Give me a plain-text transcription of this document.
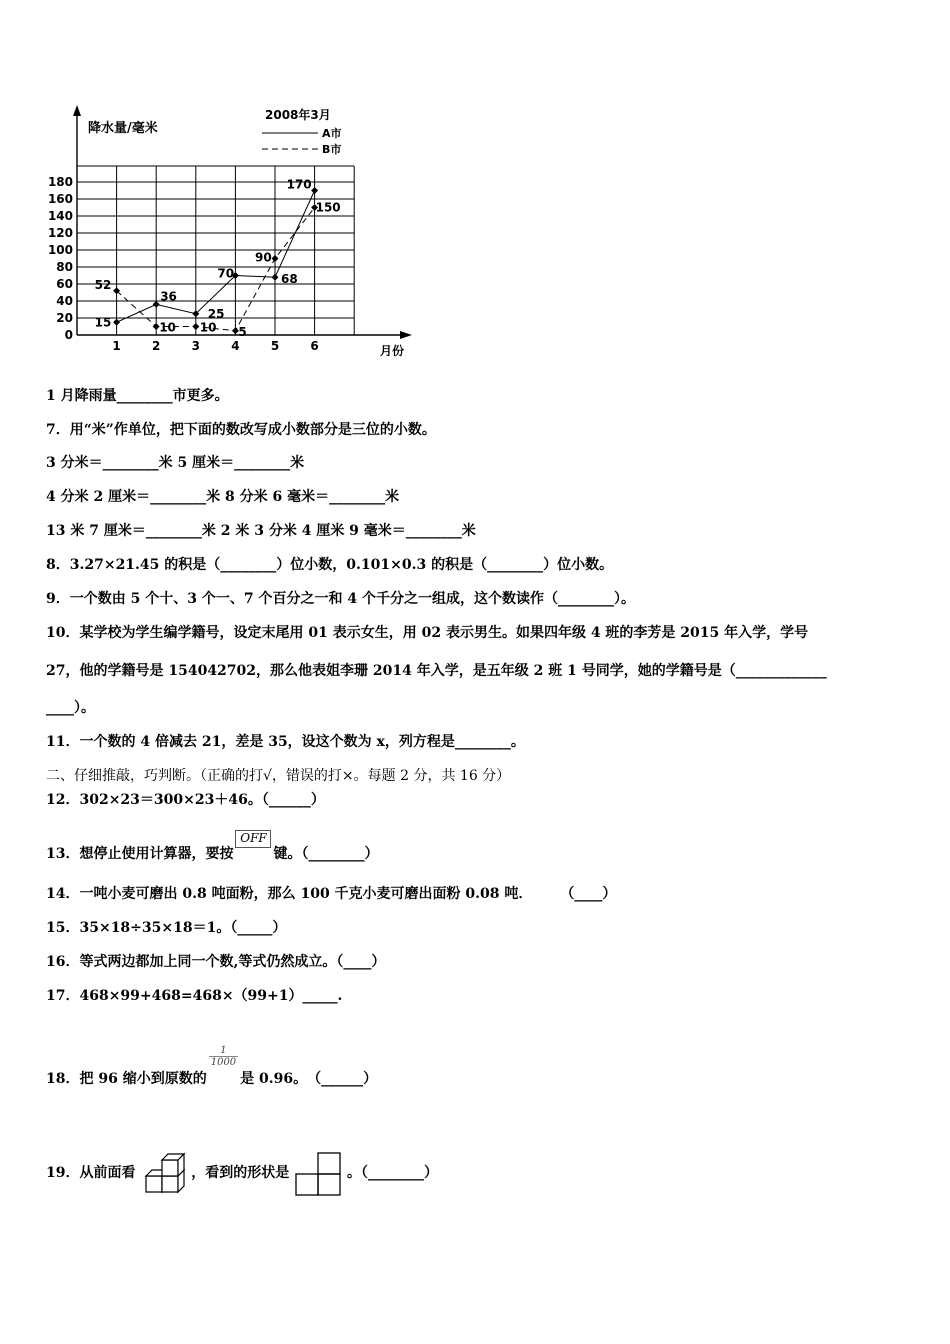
0
20
40
60
80
100
120
140
160
180
1	2	3	4	5	6
降水量/毫米
月份
2008年3月
A市
B市
15
36
25
70	68
170
52
10 10 5
90
150
1 月降雨量________市更多。
7．用“米”作单位，把下面的数改写成小数部分是三位的小数。
3 分米＝________米 5 厘米＝________米
4 分米 2 厘米＝________米 8 分米 6 毫米＝________米
13 米 7 厘米＝________米 2 米 3 分米 4 厘米 9 毫米＝________米
8．3.27×21.45 的积是（________）位小数，0.101×0.3 的积是（________）位小数。
9．一个数由 5 个十、3 个一、7 个百分之一和 4 个千分之一组成，这个数读作（________）。
10．某学校为学生编学籍号，设定末尾用 01 表示女生，用 02 表示男生。如果四年级 4 班的李芳是 2015 年入学，学号
27，他的学籍号是 154042702，那么他表姐李珊 2014 年入学，是五年级 2 班 1 号同学，她的学籍号是（_____________
____）。
11．一个数的 4 倍减去 21，差是 35，设这个数为 x，列方程是________。
二、仔细推敲，巧判断。（正确的打√，错误的打×。每题 2 分，共 16 分）
12．302×23＝300×23＋46。（______）
13．想停止使用计算器，要按OFF键。（________）
14．一吨小麦可磨出 0.8 吨面粉，那么 100 千克小麦可磨出面粉 0.08 吨．　　　（____）
15．35×18÷35×18＝1。（_____）
16．等式两边都加上同一个数,等式仍然成立。（____）
17．468×99+468=468×（99+1）_____.
18．把 96 缩小到原数的
$\frac{1}{1000}$
是 0.96。　（______）
19．从前面看	，看到的形状是	。（________）
